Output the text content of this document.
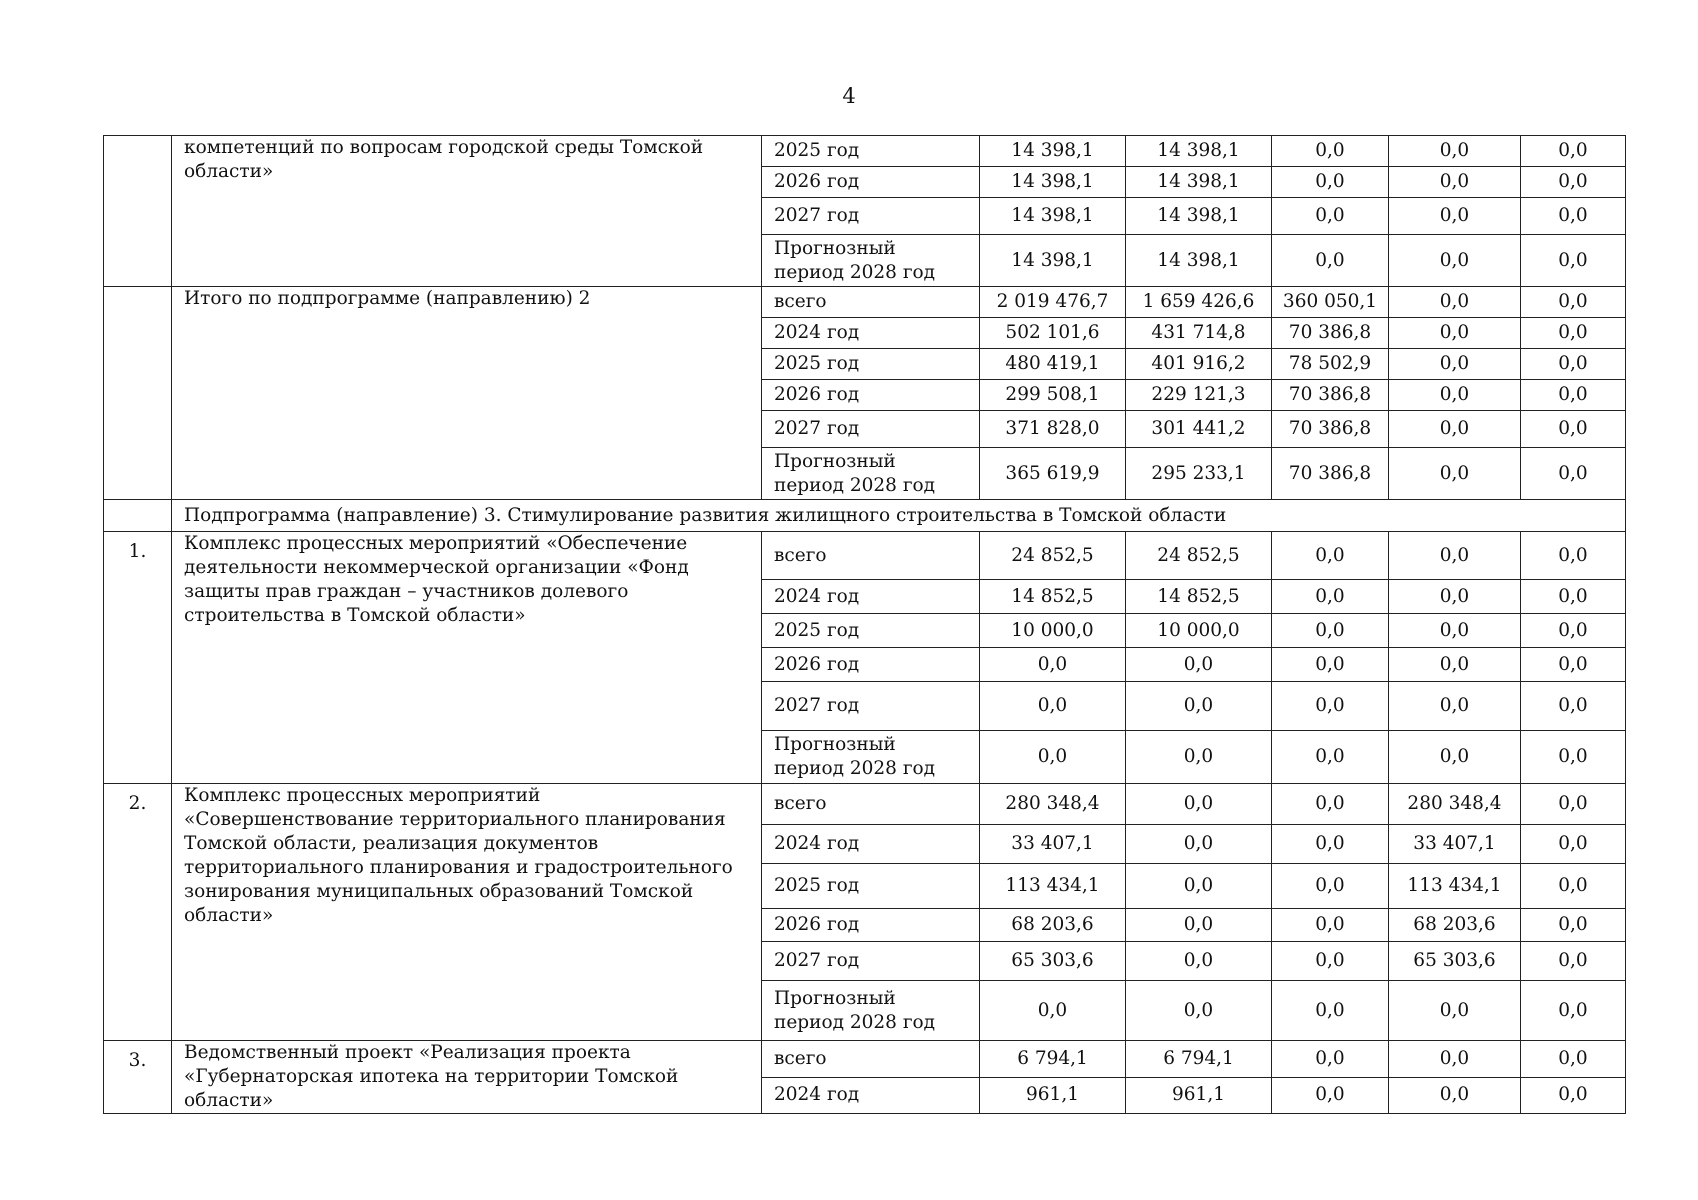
4
	компетенций по вопросам городской среды Томской области»	2025 год	14 398,1	14 398,1	0,0	0,0	0,0
		2026 год	14 398,1	14 398,1	0,0	0,0	0,0
		2027 год	14 398,1	14 398,1	0,0	0,0	0,0
		Прогнозный период 2028 год	14 398,1	14 398,1	0,0	0,0	0,0
	Итого по подпрограмме (направлению) 2	всего	2 019 476,7	1 659 426,6	360 050,1	0,0	0,0
		2024 год	502 101,6	431 714,8	70 386,8	0,0	0,0
		2025 год	480 419,1	401 916,2	78 502,9	0,0	0,0
		2026 год	299 508,1	229 121,3	70 386,8	0,0	0,0
		2027 год	371 828,0	301 441,2	70 386,8	0,0	0,0
		Прогнозный период 2028 год	365 619,9	295 233,1	70 386,8	0,0	0,0
	Подпрограмма (направление) 3. Стимулирование развития жилищного строительства в Томской области						
1.	Комплекс процессных мероприятий «Обеспечение деятельности некоммерческой организации «Фонд защиты прав граждан – участников долевого строительства в Томской области»	всего	24 852,5	24 852,5	0,0	0,0	0,0
		2024 год	14 852,5	14 852,5	0,0	0,0	0,0
		2025 год	10 000,0	10 000,0	0,0	0,0	0,0
		2026 год	0,0	0,0	0,0	0,0	0,0
		2027 год	0,0	0,0	0,0	0,0	0,0
		Прогнозный период 2028 год	0,0	0,0	0,0	0,0	0,0
2.	Комплекс процессных мероприятий «Совершенствование территориального планирования Томской области, реализация документов территориального планирования и градостроительного зонирования муниципальных образований Томской области»	всего	280 348,4	0,0	0,0	280 348,4	0,0
		2024 год	33 407,1	0,0	0,0	33 407,1	0,0
		2025 год	113 434,1	0,0	0,0	113 434,1	0,0
		2026 год	68 203,6	0,0	0,0	68 203,6	0,0
		2027 год	65 303,6	0,0	0,0	65 303,6	0,0
		Прогнозный период 2028 год	0,0	0,0	0,0	0,0	0,0
3.	Ведомственный проект «Реализация проекта «Губернаторская ипотека на территории Томской области»	всего	6 794,1	6 794,1	0,0	0,0	0,0
		2024 год	961,1	961,1	0,0	0,0	0,0
